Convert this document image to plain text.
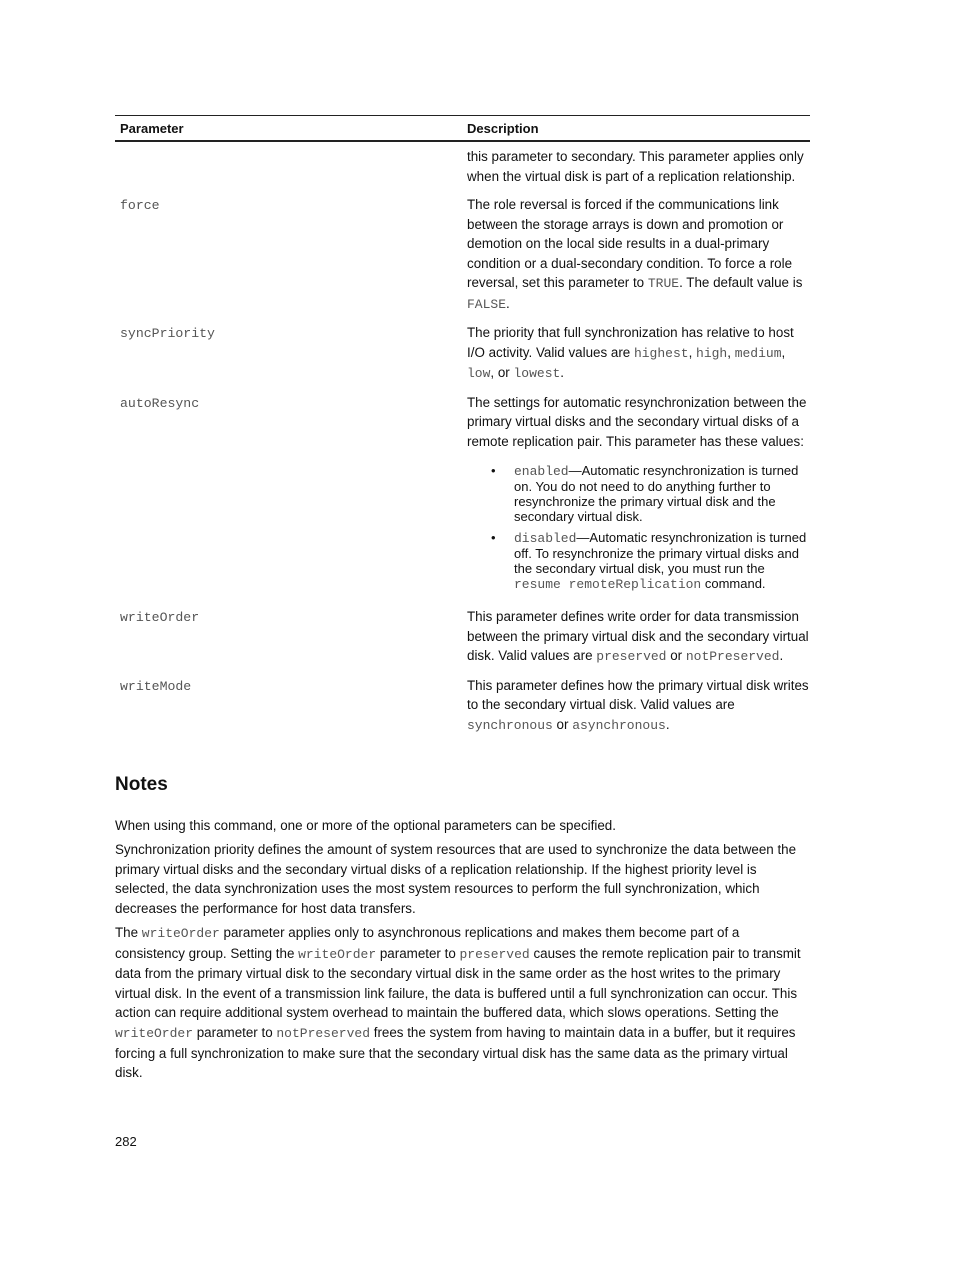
Parameter	Description

this parameter to secondary. This parameter applies only when the virtual disk is part of a replication relationship.

force	The role reversal is forced if the communications link between the storage arrays is down and promotion or demotion on the local side results in a dual-primary condition or a dual-secondary condition. To force a role reversal, set this parameter to TRUE. The default value is FALSE.

syncPriority	The priority that full synchronization has relative to host I/O activity. Valid values are highest, high, medium, low, or lowest.

autoResync	The settings for automatic resynchronization between the primary virtual disks and the secondary virtual disks of a remote replication pair. This parameter has these values:

• enabled—Automatic resynchronization is turned on. You do not need to do anything further to resynchronize the primary virtual disk and the secondary virtual disk.
• disabled—Automatic resynchronization is turned off. To resynchronize the primary virtual disks and the secondary virtual disk, you must run the resume remoteReplication command.
writeOrder	This parameter defines write order for data transmission between the primary virtual disk and the secondary virtual disk. Valid values are preserved or notPreserved.

writeMode	This parameter defines how the primary virtual disk writes to the secondary virtual disk. Valid values are synchronous or asynchronous.

Notes

When using this command, one or more of the optional parameters can be specified.

Synchronization priority defines the amount of system resources that are used to synchronize the data between the primary virtual disks and the secondary virtual disks of a replication relationship. If the highest priority level is selected, the data synchronization uses the most system resources to perform the full synchronization, which decreases the performance for host data transfers.

The writeOrder parameter applies only to asynchronous replications and makes them become part of a consistency group. Setting the writeOrder parameter to preserved causes the remote replication pair to transmit data from the primary virtual disk to the secondary virtual disk in the same order as the host writes to the primary virtual disk. In the event of a transmission link failure, the data is buffered until a full synchronization can occur. This action can require additional system overhead to maintain the buffered data, which slows operations. Setting the writeOrder parameter to notPreserved frees the system from having to maintain data in a buffer, but it requires forcing a full synchronization to make sure that the secondary virtual disk has the same data as the primary virtual disk.

282
